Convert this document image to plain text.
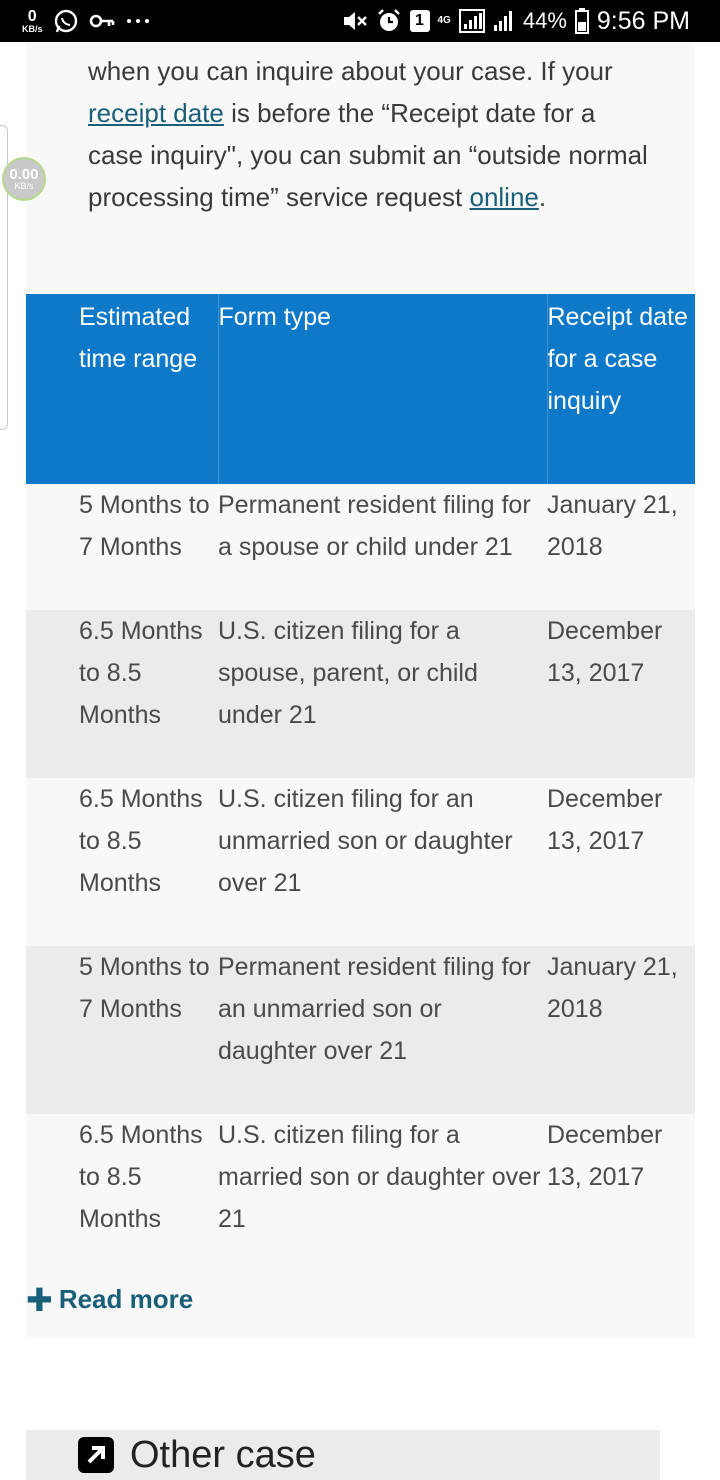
0
KB/s	1	4G	44% 9:56 PM
when you can inquire about your case. If your receipt date is before the “Receipt date for a case inquiry", you can submit an “outside normal processing time” service request online.
Estimated time range	Form type	Receipt date for a case inquiry
5 Months to 7 Months	Permanent resident filing for a spouse or child under 21	January 21, 2018
6.5 Months to 8.5 Months	U.S. citizen filing for a spouse, parent, or child under 21	December 13, 2017
6.5 Months to 8.5 Months	U.S. citizen filing for an unmarried son or daughter over 21	December 13, 2017
5 Months to 7 Months	Permanent resident filing for an unmarried son or daughter over 21	January 21, 2018
6.5 Months to 8.5 Months	U.S. citizen filing for a married son or daughter over 21	December 13, 2017
✚ Read more
Other case
0.00
KB/s
